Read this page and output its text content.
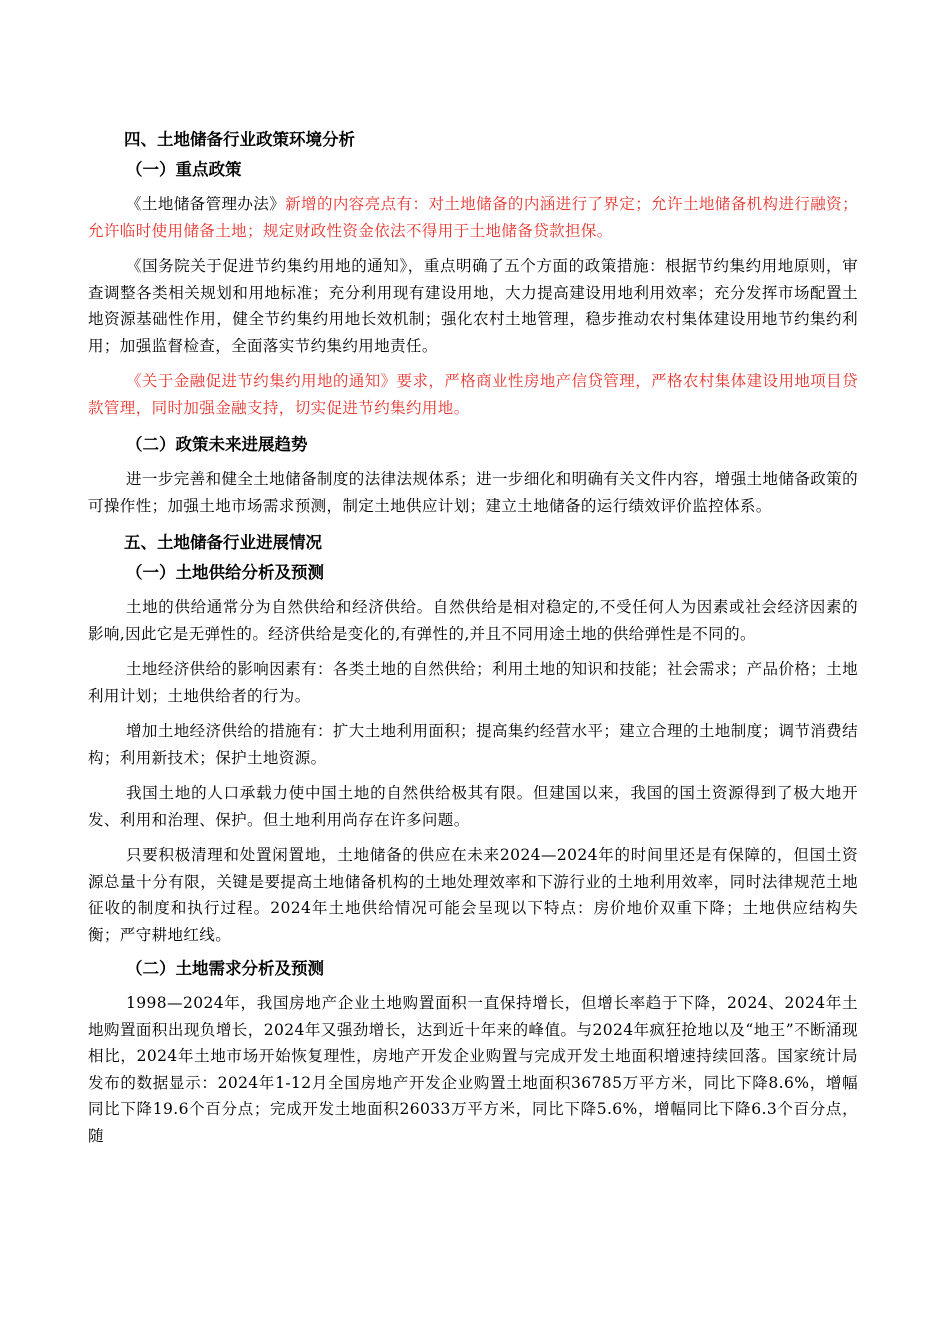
四、土地储备行业政策环境分析
（一）重点政策

《土地储备管理办法》新增的内容亮点有：对土地储备的内涵进行了界定；允许土地储备机构进行融资；允许临时使用储备土地；规定财政性资金依法不得用于土地储备贷款担保。

《国务院关于促进节约集约用地的通知》，重点明确了五个方面的政策措施：根据节约集约用地原则，审查调整各类相关规划和用地标准；充分利用现有建设用地，大力提高建设用地利用效率；充分发挥市场配置土地资源基础性作用，健全节约集约用地长效机制；强化农村土地管理，稳步推动农村集体建设用地节约集约利用；加强监督检查，全面落实节约集约用地责任。

《关于金融促进节约集约用地的通知》要求，严格商业性房地产信贷管理，严格农村集体建设用地项目贷款管理，同时加强金融支持，切实促进节约集约用地。

（二）政策未来进展趋势

进一步完善和健全土地储备制度的法律法规体系；进一步细化和明确有关文件内容，增强土地储备政策的可操作性；加强土地市场需求预测，制定土地供应计划；建立土地储备的运行绩效评价监控体系。

五、土地储备行业进展情况
（一）土地供给分析及预测

土地的供给通常分为自然供给和经济供给。自然供给是相对稳定的,不受任何人为因素或社会经济因素的影响,因此它是无弹性的。经济供给是变化的,有弹性的,并且不同用途土地的供给弹性是不同的。

土地经济供给的影响因素有：各类土地的自然供给；利用土地的知识和技能；社会需求；产品价格；土地利用计划；土地供给者的行为。

增加土地经济供给的措施有：扩大土地利用面积；提高集约经营水平；建立合理的土地制度；调节消费结构；利用新技术；保护土地资源。

我国土地的人口承载力使中国土地的自然供给极其有限。但建国以来，我国的国土资源得到了极大地开发、利用和治理、保护。但土地利用尚存在许多问题。

只要积极清理和处置闲置地，土地储备的供应在未来2024—2024年的时间里还是有保障的，但国土资源总量十分有限，关键是要提高土地储备机构的土地处理效率和下游行业的土地利用效率，同时法律规范土地征收的制度和执行过程。2024年土地供给情况可能会呈现以下特点：房价地价双重下降；土地供应结构失衡；严守耕地红线。

（二）土地需求分析及预测

1998—2024年，我国房地产企业土地购置面积一直保持增长，但增长率趋于下降，2024、2024年土地购置面积出现负增长，2024年又强劲增长，达到近十年来的峰值。与2024年疯狂抢地以及“地王”不断涌现相比，2024年土地市场开始恢复理性，房地产开发企业购置与完成开发土地面积增速持续回落。国家统计局发布的数据显示：2024年1-12月全国房地产开发企业购置土地面积36785万平方米，同比下降8.6%，增幅同比下降19.6个百分点；完成开发土地面积26033万平方米，同比下降5.6%，增幅同比下降6.3个百分点，随
